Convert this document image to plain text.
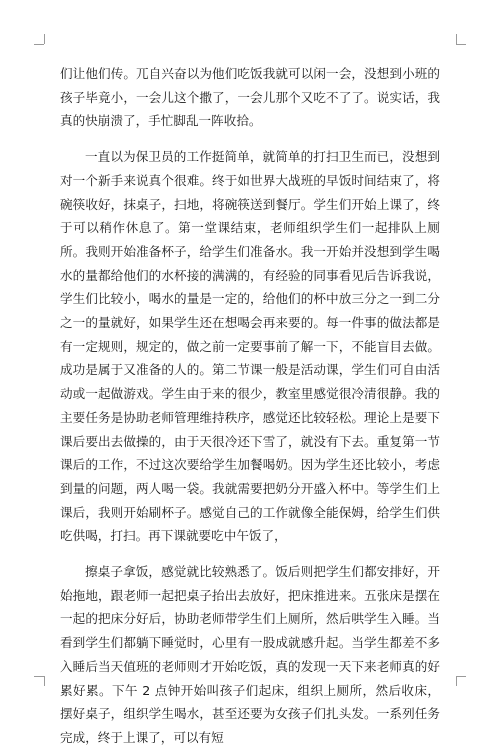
们让他们传。兀自兴奋以为他们吃饭我就可以闲一会，没想到小班的孩子毕竟小，一会儿这个撒了，一会儿那个又吃不了了。说实话，我真的快崩溃了，手忙脚乱一阵收拾。

一直以为保卫员的工作挺简单，就简单的打扫卫生而已，没想到对一个新手来说真个很难。终于如世界大战班的早饭时间结束了，将碗筷收好，抹桌子，扫地，将碗筷送到餐厅。学生们开始上课了，终于可以稍作休息了。第一堂课结束，老师组织学生们一起排队上厕所。我则开始准备杯子，给学生们准备水。我一开始并没想到学生喝水的量都给他们的水杯接的满满的，有经验的同事看见后告诉我说，学生们比较小，喝水的量是一定的，给他们的杯中放三分之一到二分之一的量就好，如果学生还在想喝会再来要的。每一件事的做法都是有一定规则，规定的，做之前一定要事前了解一下，不能盲目去做。成功是属于又准备的人的。第二节课一般是活动课，学生们可自由活动或一起做游戏。学生由于来的很少，教室里感觉很冷清很静。我的主要任务是协助老师管理维持秩序，感觉还比较轻松。理论上是要下课后要出去做操的，由于天很冷还下雪了，就没有下去。重复第一节课后的工作，不过这次要给学生加餐喝奶。因为学生还比较小，考虑到量的问题，两人喝一袋。我就需要把奶分开盛入杯中。等学生们上课后，我则开始刷杯子。感觉自己的工作就像全能保姆，给学生们供吃供喝，打扫。再下课就要吃中午饭了，

擦桌子拿饭，感觉就比较熟悉了。饭后则把学生们都安排好，开始拖地，跟老师一起把桌子抬出去放好，把床推进来。五张床是摆在一起的把床分好后，协助老师带学生们上厕所，然后哄学生入睡。当看到学生们都躺下睡觉时，心里有一股成就感升起。当学生都差不多入睡后当天值班的老师则才开始吃饭，真的发现一天下来老师真的好累好累。下午 2 点钟开始叫孩子们起床，组织上厕所，然后收床，摆好桌子，组织学生喝水，甚至还要为女孩子们扎头发。一系列任务完成，终于上课了，可以有短
